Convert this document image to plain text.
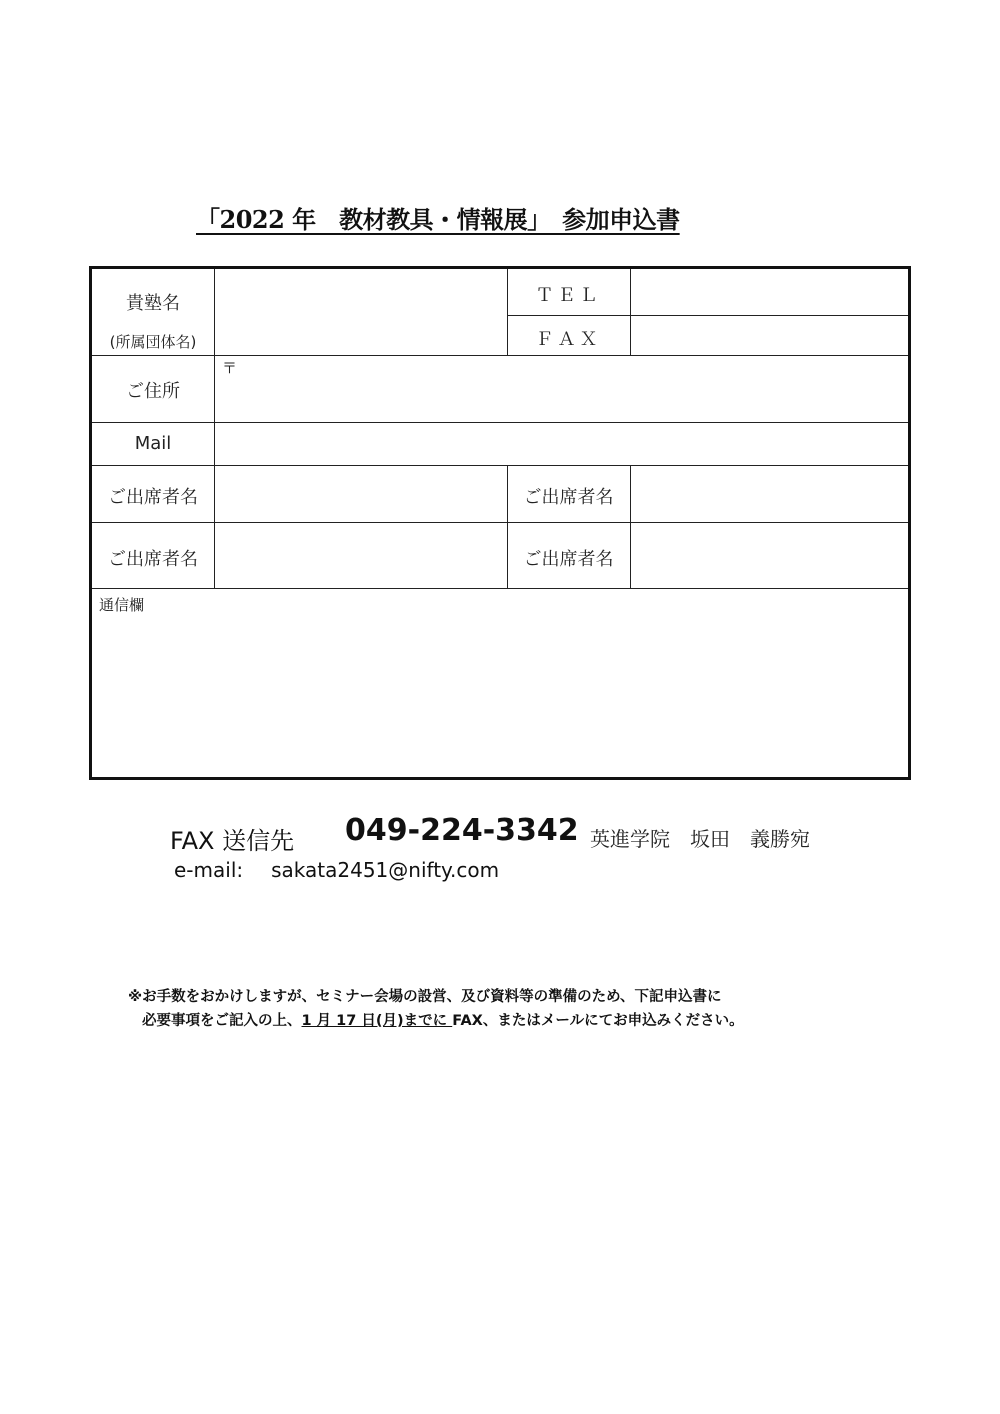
「2022 年　教材教具・情報展」　参加申込書
貴塾名
(所属団体名)
ＴＥＬ
ＦＡＸ
ご住所
〒
Mail
ご出席者名	ご出席者名
ご出席者名	ご出席者名
通信欄
FAX 送信先 049-224-3342 英進学院　坂田　義勝宛
e-mail: sakata2451@nifty.com
※お手数をおかけしますが、セミナー会場の設営、及び資料等の準備のため、下記申込書に
必要事項をご記入の上、1 月 17 日(月)までに FAX、またはメールにてお申込みください。
